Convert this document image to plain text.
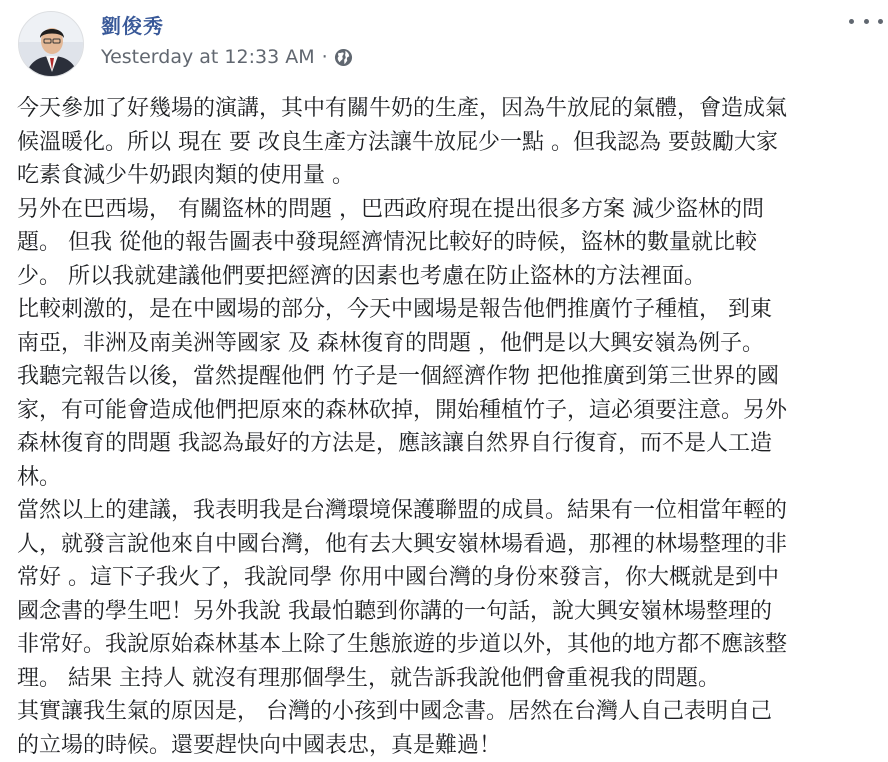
劉俊秀
Yesterday at 12:33 AM ·

今天參加了好幾場的演講，其中有關牛奶的生產，因為牛放屁的氣體，會造成氣

候溫暖化。所以 現在 要 改良生產方法讓牛放屁少一點 。但我認為 要鼓勵大家

吃素食減少牛奶跟肉類的使用量 。

另外在巴西場， 有關盜林的問題 ，巴西政府現在提出很多方案 減少盜林的問

題。 但我 從他的報告圖表中發現經濟情況比較好的時候，盜林的數量就比較

少。 所以我就建議他們要把經濟的因素也考慮在防止盜林的方法裡面。

比較刺激的，是在中國場的部分，今天中國場是報告他們推廣竹子種植， 到東

南亞，非洲及南美洲等國家 及 森林復育的問題 ，他們是以大興安嶺為例子。

我聽完報告以後，當然提醒他們 竹子是一個經濟作物 把他推廣到第三世界的國

家，有可能會造成他們把原來的森林砍掉，開始種植竹子，這必須要注意。另外

森林復育的問題 我認為最好的方法是，應該讓自然界自行復育，而不是人工造

林。

當然以上的建議，我表明我是台灣環境保護聯盟的成員。結果有一位相當年輕的

人，就發言說他來自中國台灣，他有去大興安嶺林場看過，那裡的林場整理的非

常好 。這下子我火了，我說同學 你用中國台灣的身份來發言，你大概就是到中

國念書的學生吧！另外我說 我最怕聽到你講的一句話，說大興安嶺林場整理的

非常好。我說原始森林基本上除了生態旅遊的步道以外，其他的地方都不應該整

理。 結果 主持人 就沒有理那個學生，就告訴我說他們會重視我的問題。

其實讓我生氣的原因是， 台灣的小孩到中國念書。居然在台灣人自己表明自己

的立場的時候。還要趕快向中國表忠，真是難過！
